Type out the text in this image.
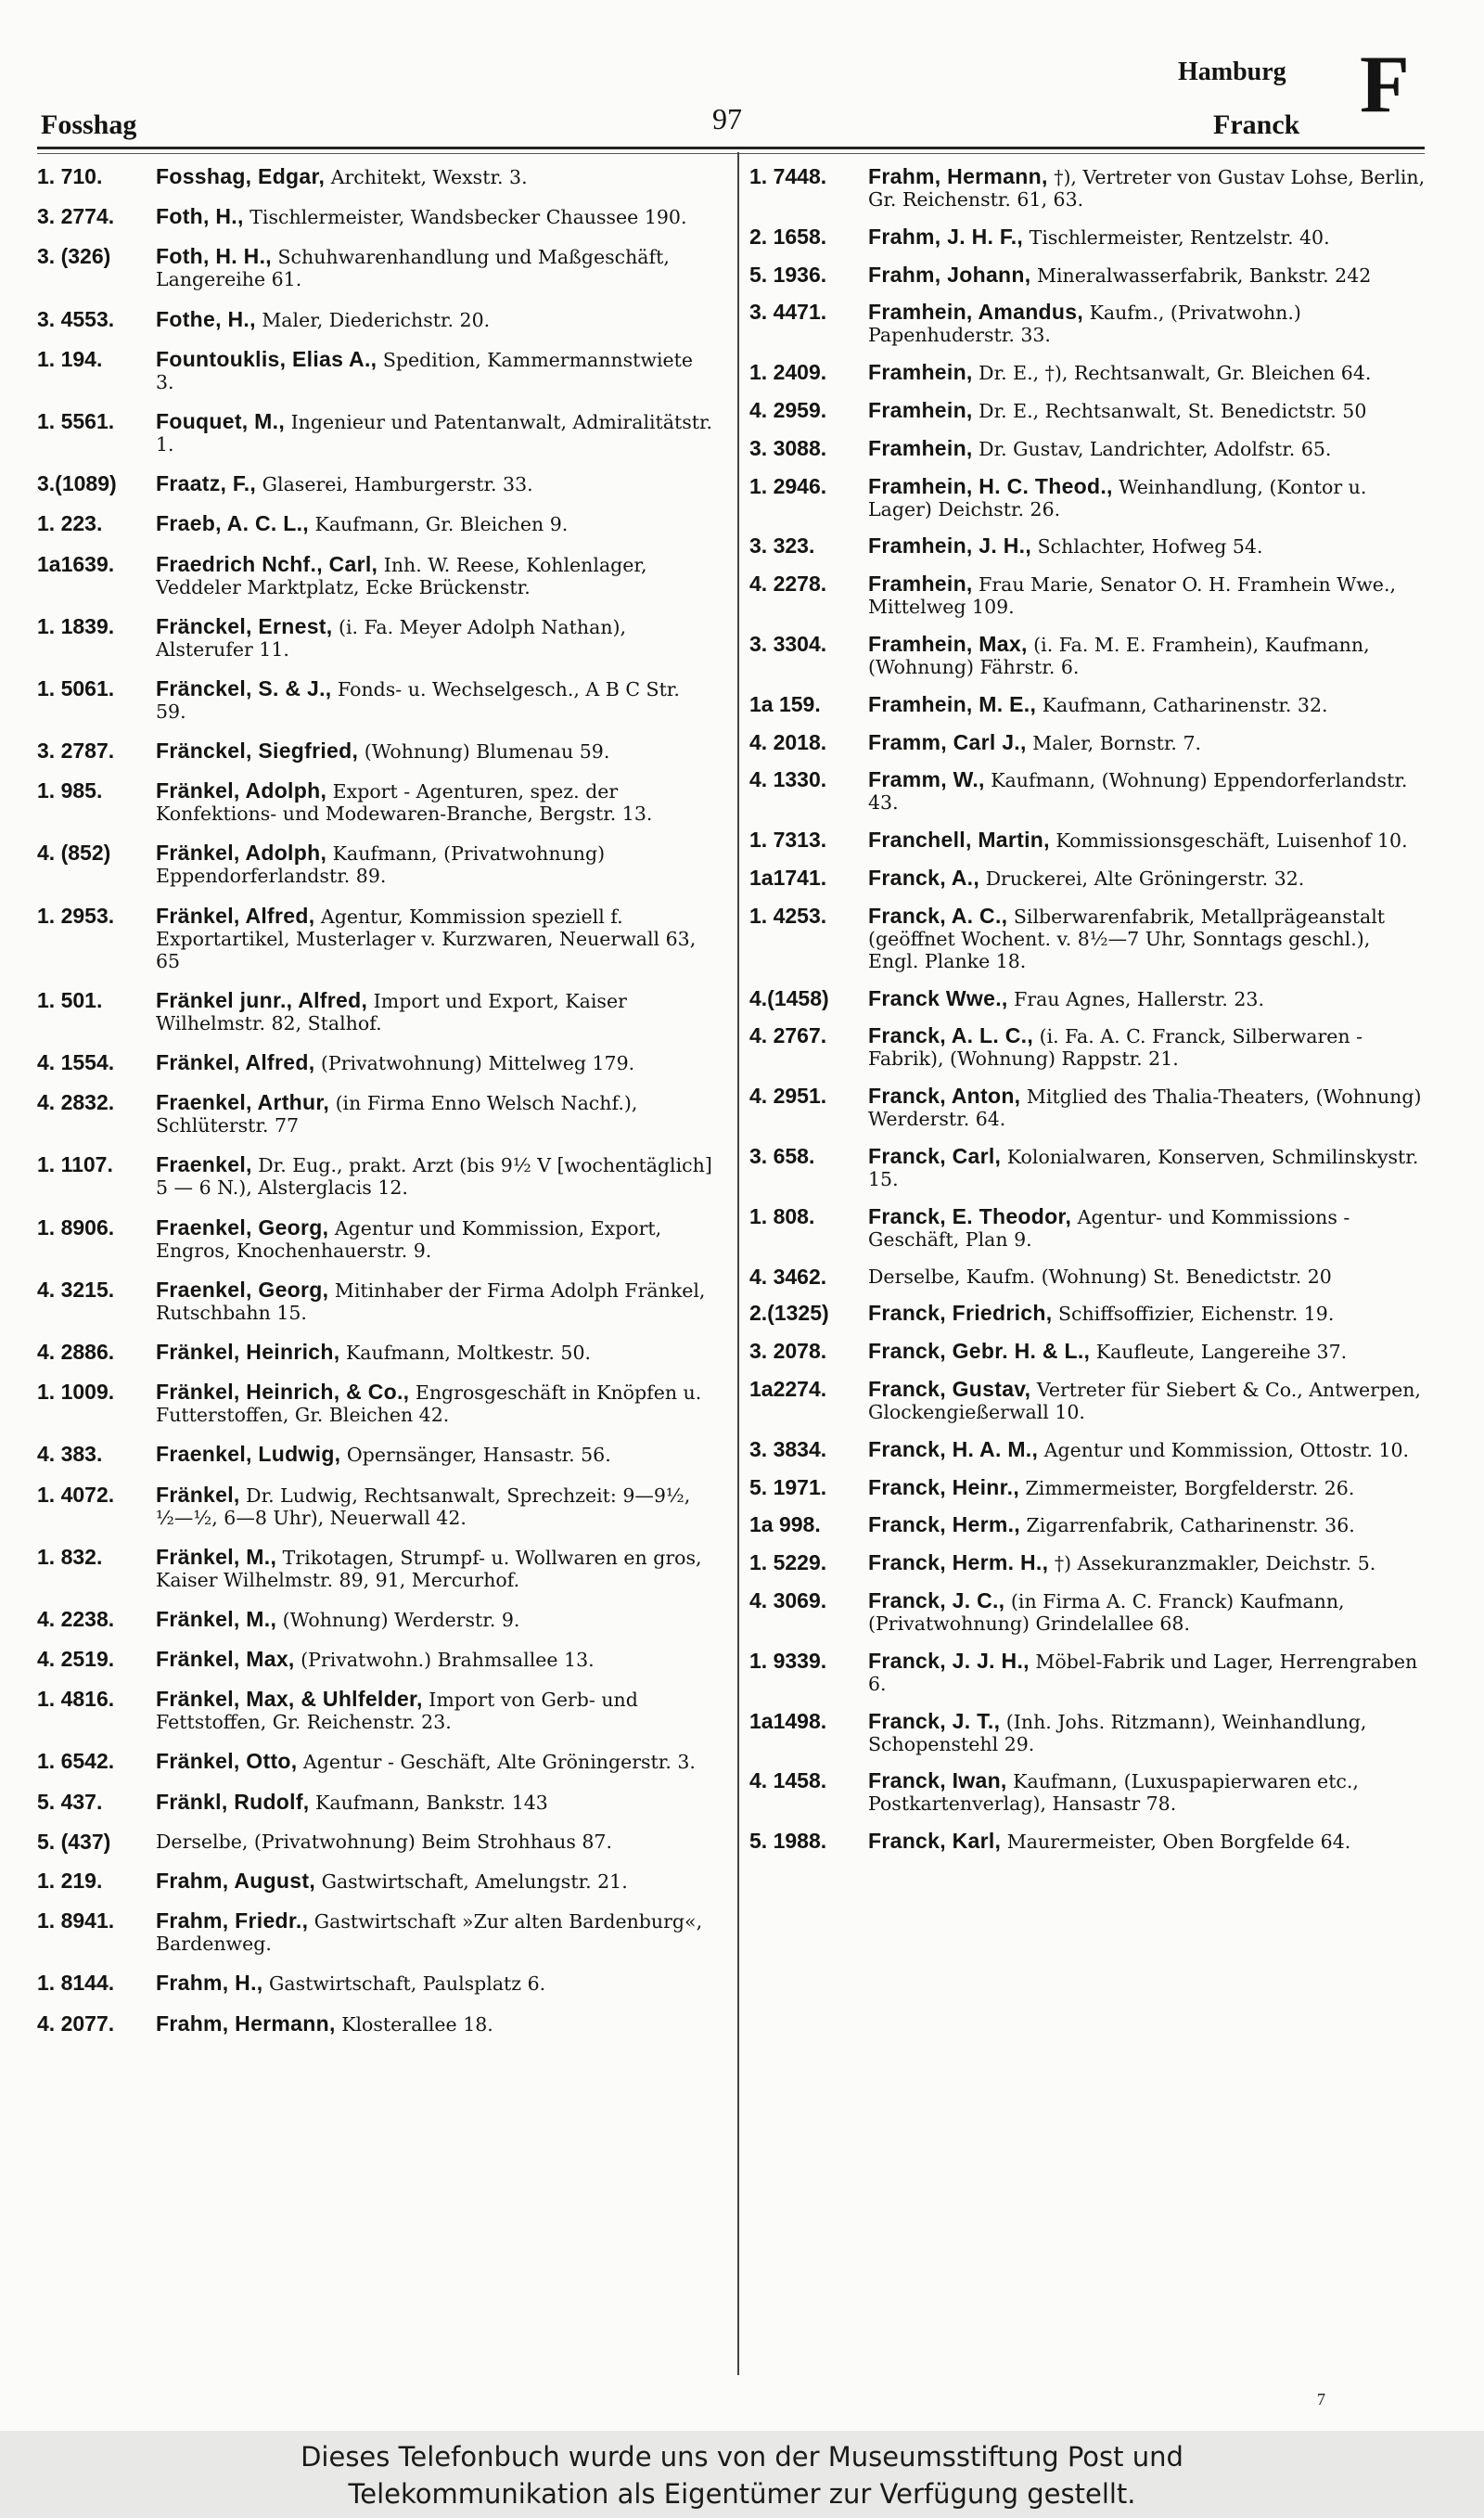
Fosshag	97
Hamburg
Franck F
1. 710.	Fosshag, Edgar, Architekt, Wexstr. 3.
3. 2774.	Foth, H., Tischlermeister, Wandsbecker Chaussee 190.
3. (326)	Foth, H. H., Schuhwarenhandlung und Maßgeschäft, Langereihe 61.
3. 4553.	Fothe, H., Maler, Diederichstr. 20.
1. 194.	Fountouklis, Elias A., Spedition, Kammermannstwiete 3.
1. 5561.	Fouquet, M., Ingenieur und Patentanwalt, Admiralitätstr. 1.
3.(1089)	Fraatz, F., Glaserei, Hamburgerstr. 33.
1. 223.	Fraeb, A. C. L., Kaufmann, Gr. Bleichen 9.
1a1639.	Fraedrich Nchf., Carl, Inh. W. Reese, Kohlenlager, Veddeler Marktplatz, Ecke Brückenstr.
1. 1839.	Fränckel, Ernest, (i. Fa. Meyer Adolph Nathan), Alsterufer 11.
1. 5061.	Fränckel, S. & J., Fonds- u. Wechselgesch., A B C Str. 59.
3. 2787.	Fränckel, Siegfried, (Wohnung) Blumenau 59.
1. 985.	Fränkel, Adolph, Export - Agenturen, spez. der Konfektions- und Modewaren-Branche, Bergstr. 13.
4. (852)	Fränkel, Adolph, Kaufmann, (Privatwohnung) Eppendorferlandstr. 89.
1. 2953.	Fränkel, Alfred, Agentur, Kommission speziell f. Exportartikel, Musterlager v. Kurzwaren, Neuerwall 63, 65
1. 501.	Fränkel junr., Alfred, Import und Export, Kaiser Wilhelmstr. 82, Stalhof.
4. 1554.	Fränkel, Alfred, (Privatwohnung) Mittelweg 179.
4. 2832.	Fraenkel, Arthur, (in Firma Enno Welsch Nachf.), Schlüterstr. 77
1. 1107.	Fraenkel, Dr. Eug., prakt. Arzt (bis 9½ V [wochentäglich] 5 — 6 N.), Alsterglacis 12.
1. 8906.	Fraenkel, Georg, Agentur und Kommission, Export, Engros, Knochenhauerstr. 9.
4. 3215.	Fraenkel, Georg, Mitinhaber der Firma Adolph Fränkel, Rutschbahn 15.
4. 2886.	Fränkel, Heinrich, Kaufmann, Moltkestr. 50.
1. 1009.	Fränkel, Heinrich, & Co., Engrosgeschäft in Knöpfen u. Futterstoffen, Gr. Bleichen 42.
4. 383.	Fraenkel, Ludwig, Opernsänger, Hansastr. 56.
1. 4072.	Fränkel, Dr. Ludwig, Rechtsanwalt, Sprechzeit: 9—9½, ½—½, 6—8 Uhr), Neuerwall 42.
1. 832.	Fränkel, M., Trikotagen, Strumpf- u. Wollwaren en gros, Kaiser Wilhelmstr. 89, 91, Mercurhof.
4. 2238.	Fränkel, M., (Wohnung) Werderstr. 9.
4. 2519.	Fränkel, Max, (Privatwohn.) Brahmsallee 13.
1. 4816.	Fränkel, Max, & Uhlfelder, Import von Gerb- und Fettstoffen, Gr. Reichenstr. 23.
1. 6542.	Fränkel, Otto, Agentur - Geschäft, Alte Gröningerstr. 3.
5. 437.	Fränkl, Rudolf, Kaufmann, Bankstr. 143
5. (437)	Derselbe, (Privatwohnung) Beim Strohhaus 87.
1. 219.	Frahm, August, Gastwirtschaft, Amelungstr. 21.
1. 8941.	Frahm, Friedr., Gastwirtschaft »Zur alten Bardenburg«, Bardenweg.
1. 8144.	Frahm, H., Gastwirtschaft, Paulsplatz 6.
4. 2077.	Frahm, Hermann, Klosterallee 18.
1. 7448.	Frahm, Hermann, †), Vertreter von Gustav Lohse, Berlin, Gr. Reichenstr. 61, 63.
2. 1658.	Frahm, J. H. F., Tischlermeister, Rentzelstr. 40.
5. 1936.	Frahm, Johann, Mineralwasserfabrik, Bankstr. 242
3. 4471.	Framhein, Amandus, Kaufm., (Privatwohn.) Papenhuderstr. 33.
1. 2409.	Framhein, Dr. E., †), Rechtsanwalt, Gr. Bleichen 64.
4. 2959.	Framhein, Dr. E., Rechtsanwalt, St. Benedictstr. 50
3. 3088.	Framhein, Dr. Gustav, Landrichter, Adolfstr. 65.
1. 2946.	Framhein, H. C. Theod., Weinhandlung, (Kontor u. Lager) Deichstr. 26.
3. 323.	Framhein, J. H., Schlachter, Hofweg 54.
4. 2278.	Framhein, Frau Marie, Senator O. H. Framhein Wwe., Mittelweg 109.
3. 3304.	Framhein, Max, (i. Fa. M. E. Framhein), Kaufmann, (Wohnung) Fährstr. 6.
1a 159.	Framhein, M. E., Kaufmann, Catharinenstr. 32.
4. 2018.	Framm, Carl J., Maler, Bornstr. 7.
4. 1330.	Framm, W., Kaufmann, (Wohnung) Eppendorferlandstr. 43.
1. 7313.	Franchell, Martin, Kommissionsgeschäft, Luisenhof 10.
1a1741.	Franck, A., Druckerei, Alte Gröningerstr. 32.
1. 4253.	Franck, A. C., Silberwarenfabrik, Metallprägeanstalt (geöffnet Wochent. v. 8½—7 Uhr, Sonntags geschl.), Engl. Planke 18.
4.(1458)	Franck Wwe., Frau Agnes, Hallerstr. 23.
4. 2767.	Franck, A. L. C., (i. Fa. A. C. Franck, Silberwaren - Fabrik), (Wohnung) Rappstr. 21.
4. 2951.	Franck, Anton, Mitglied des Thalia-Theaters, (Wohnung) Werderstr. 64.
3. 658.	Franck, Carl, Kolonialwaren, Konserven, Schmilinskystr. 15.
1. 808.	Franck, E. Theodor, Agentur- und Kommissions - Geschäft, Plan 9.
4. 3462.	Derselbe, Kaufm. (Wohnung) St. Benedictstr. 20
2.(1325)	Franck, Friedrich, Schiffsoffizier, Eichenstr. 19.
3. 2078.	Franck, Gebr. H. & L., Kaufleute, Langereihe 37.
1a2274.	Franck, Gustav, Vertreter für Siebert & Co., Antwerpen, Glockengießerwall 10.
3. 3834.	Franck, H. A. M., Agentur und Kommission, Ottostr. 10.
5. 1971.	Franck, Heinr., Zimmermeister, Borgfelderstr. 26.
1a 998.	Franck, Herm., Zigarrenfabrik, Catharinenstr. 36.
1. 5229.	Franck, Herm. H., †) Assekuranzmakler, Deichstr. 5.
4. 3069.	Franck, J. C., (in Firma A. C. Franck) Kaufmann, (Privatwohnung) Grindelallee 68.
1. 9339.	Franck, J. J. H., Möbel-Fabrik und Lager, Herrengraben 6.
1a1498.	Franck, J. T., (Inh. Johs. Ritzmann), Weinhandlung, Schopenstehl 29.
4. 1458.	Franck, Iwan, Kaufmann, (Luxuspapierwaren etc., Postkartenverlag), Hansastr 78.
5. 1988.	Franck, Karl, Maurermeister, Oben Borgfelde 64.
7
Dieses Telefonbuch wurde uns von der Museumsstiftung Post und
Telekommunikation als Eigentümer zur Verfügung gestellt.
